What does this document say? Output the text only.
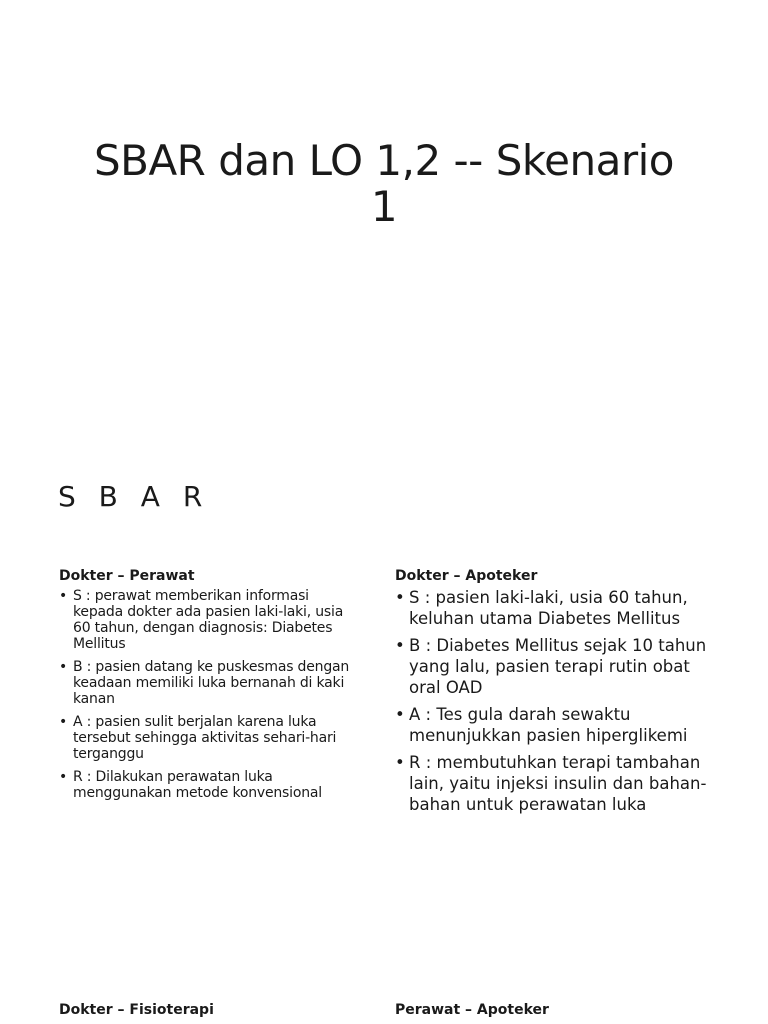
SBAR dan LO 1,2 -- Skenario
1
S B A R
Dokter – Perawat
• S : perawat memberikan informasi kepada dokter ada pasien laki-laki, usia 60 tahun, dengan diagnosis: Diabetes Mellitus
• B : pasien datang ke puskesmas dengan keadaan memiliki luka bernanah di kaki kanan
• A : pasien sulit berjalan karena luka tersebut sehingga aktivitas sehari-hari terganggu
• R : Dilakukan perawatan luka menggunakan metode konvensional
Dokter – Apoteker
• S : pasien laki-laki, usia 60 tahun, keluhan utama Diabetes Mellitus
• B : Diabetes Mellitus sejak 10 tahun yang lalu, pasien terapi rutin obat oral OAD
• A : Tes gula darah sewaktu menunjukkan pasien hiperglikemi
• R : membutuhkan terapi tambahan lain, yaitu injeksi insulin dan bahan-bahan untuk perawatan luka
Dokter – Fisioterapi	Perawat – Apoteker
